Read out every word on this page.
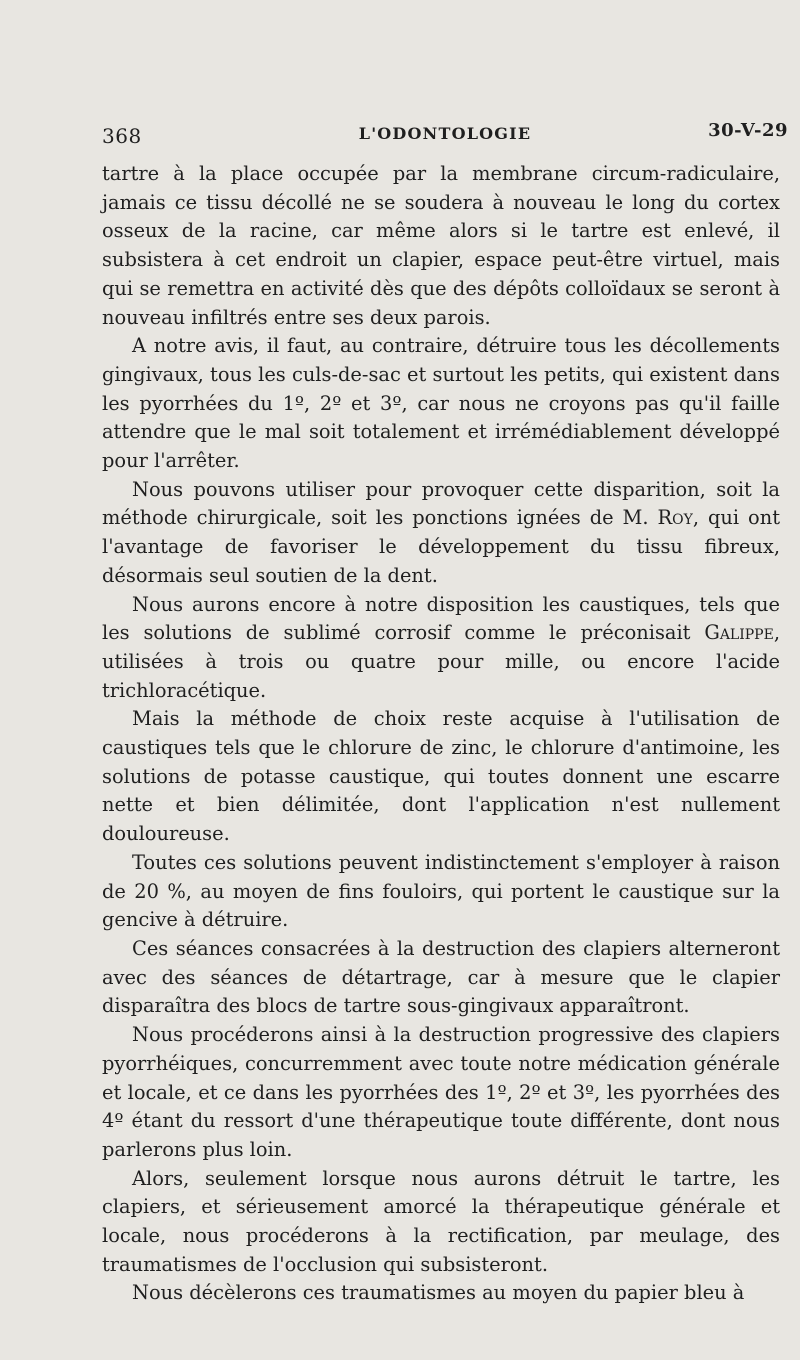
368	L'ODONTOLOGIE	30-V-29

tartre à la place occupée par la membrane circum-radiculaire, jamais ce tissu décollé ne se soudera à nouveau le long du cortex osseux de la racine, car même alors si le tartre est enlevé, il subsistera à cet endroit un clapier, espace peut-être virtuel, mais qui se remettra en activité dès que des dépôts colloïdaux se seront à nouveau infiltrés entre ses deux parois.

A notre avis, il faut, au contraire, détruire tous les décollements gingivaux, tous les culs-de-sac et surtout les petits, qui existent dans les pyorrhées du 1º, 2º et 3º, car nous ne croyons pas qu'il faille attendre que le mal soit totalement et irrémédiablement développé pour l'arrêter.

Nous pouvons utiliser pour provoquer cette disparition, soit la méthode chirurgicale, soit les ponctions ignées de M. Roy, qui ont l'avantage de favoriser le développement du tissu fibreux, désormais seul soutien de la dent.

Nous aurons encore à notre disposition les caustiques, tels que les solutions de sublimé corrosif comme le préconisait Galippe, utilisées à trois ou quatre pour mille, ou encore l'acide trichloracétique.

Mais la méthode de choix reste acquise à l'utilisation de caustiques tels que le chlorure de zinc, le chlorure d'antimoine, les solutions de potasse caustique, qui toutes donnent une escarre nette et bien délimitée, dont l'application n'est nullement douloureuse.

Toutes ces solutions peuvent indistinctement s'employer à raison de 20 %, au moyen de fins fouloirs, qui portent le caustique sur la gencive à détruire.

Ces séances consacrées à la destruction des clapiers alterneront avec des séances de détartrage, car à mesure que le clapier disparaîtra des blocs de tartre sous-gingivaux apparaîtront.

Nous procéderons ainsi à la destruction progressive des clapiers pyorrhéiques, concurremment avec toute notre médication générale et locale, et ce dans les pyorrhées des 1º, 2º et 3º, les pyorrhées des 4º étant du ressort d'une thérapeutique toute différente, dont nous parlerons plus loin.

Alors, seulement lorsque nous aurons détruit le tartre, les clapiers, et sérieusement amorcé la thérapeutique générale et locale, nous procéderons à la rectification, par meulage, des traumatismes de l'occlusion qui subsisteront.

Nous décèlerons ces traumatismes au moyen du papier bleu à
